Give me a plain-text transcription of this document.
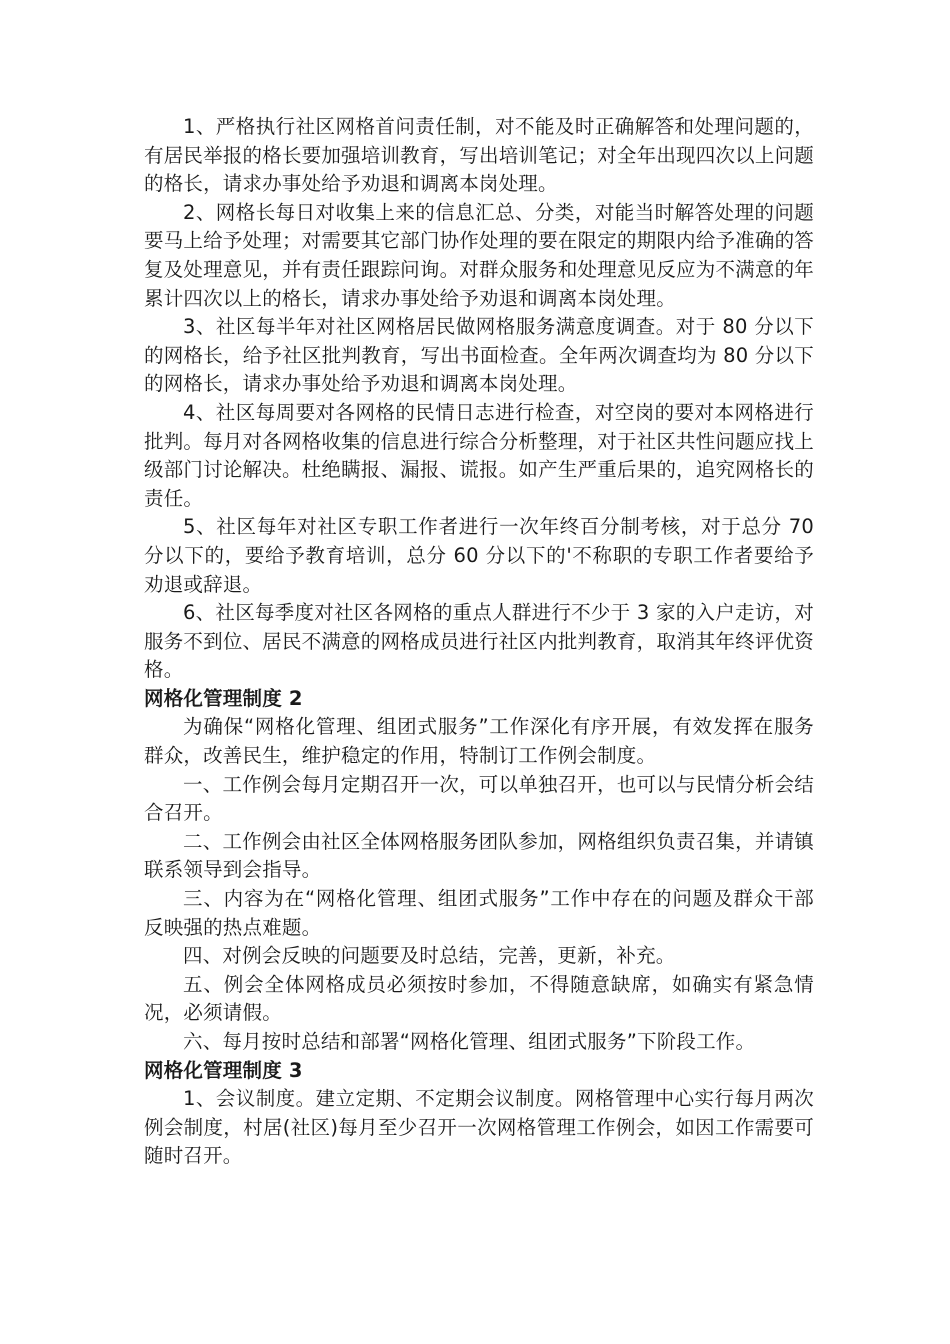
1、严格执行社区网格首问责任制，对不能及时正确解答和处理问题的，有居民举报的格长要加强培训教育，写出培训笔记；对全年出现四次以上问题的格长，请求办事处给予劝退和调离本岗处理。

2、网格长每日对收集上来的信息汇总、分类，对能当时解答处理的问题要马上给予处理；对需要其它部门协作处理的要在限定的期限内给予准确的答复及处理意见，并有责任跟踪问询。对群众服务和处理意见反应为不满意的年累计四次以上的格长，请求办事处给予劝退和调离本岗处理。

3、社区每半年对社区网格居民做网格服务满意度调查。对于 80 分以下的网格长，给予社区批判教育，写出书面检查。全年两次调查均为 80 分以下的网格长，请求办事处给予劝退和调离本岗处理。

4、社区每周要对各网格的民情日志进行检查，对空岗的要对本网格进行批判。每月对各网格收集的信息进行综合分析整理，对于社区共性问题应找上级部门讨论解决。杜绝瞒报、漏报、谎报。如产生严重后果的，追究网格长的责任。

5、社区每年对社区专职工作者进行一次年终百分制考核，对于总分 70 分以下的，要给予教育培训，总分 60 分以下的'不称职的专职工作者要给予劝退或辞退。

6、社区每季度对社区各网格的重点人群进行不少于 3 家的入户走访，对服务不到位、居民不满意的网格成员进行社区内批判教育，取消其年终评优资格。

网格化管理制度 2

为确保“网格化管理、组团式服务”工作深化有序开展，有效发挥在服务群众，改善民生，维护稳定的作用，特制订工作例会制度。

一、工作例会每月定期召开一次，可以单独召开，也可以与民情分析会结合召开。

二、工作例会由社区全体网格服务团队参加，网格组织负责召集，并请镇联系领导到会指导。

三、内容为在“网格化管理、组团式服务”工作中存在的问题及群众干部反映强的热点难题。

四、对例会反映的问题要及时总结，完善，更新，补充。

五、例会全体网格成员必须按时参加，不得随意缺席，如确实有紧急情况，必须请假。

六、每月按时总结和部署“网格化管理、组团式服务”下阶段工作。

网格化管理制度 3

1、会议制度。建立定期、不定期会议制度。网格管理中心实行每月两次例会制度，村居(社区)每月至少召开一次网格管理工作例会，如因工作需要可随时召开。
